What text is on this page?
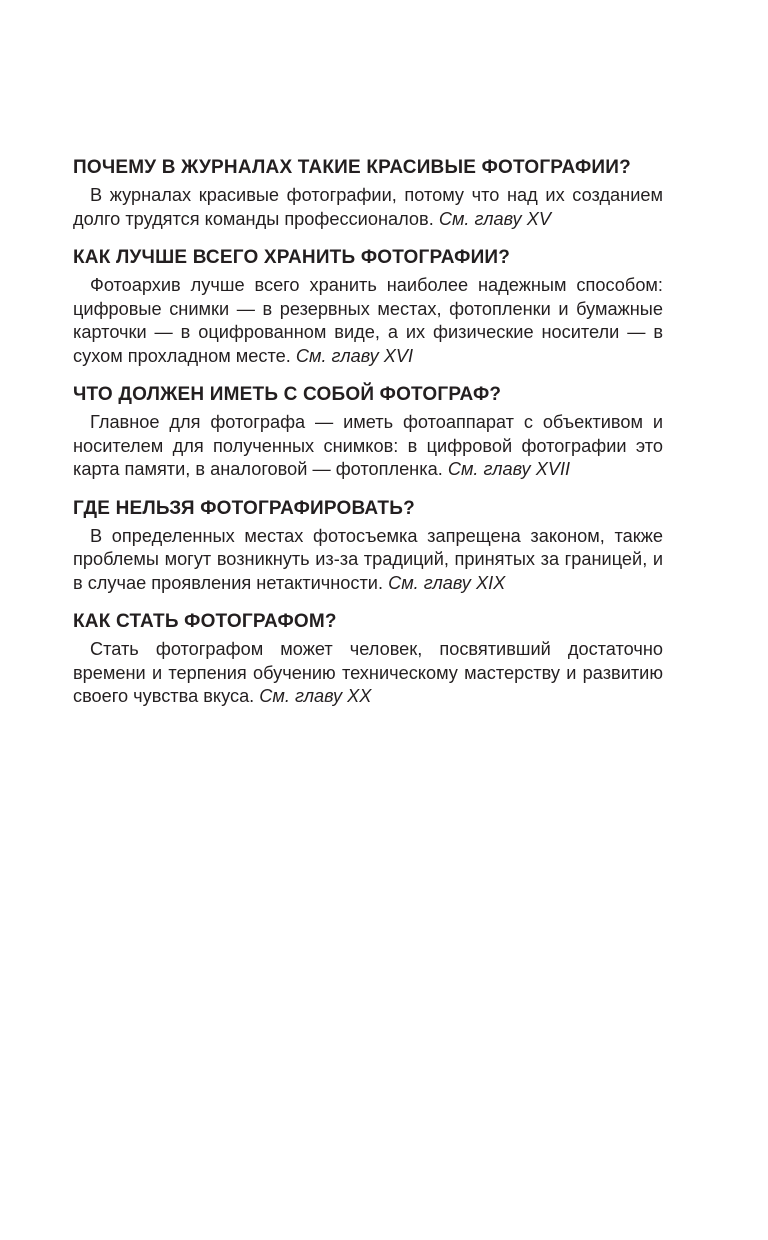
ПОЧЕМУ В ЖУРНАЛАХ ТАКИЕ КРАСИВЫЕ ФОТОГРАФИИ?

В журналах красивые фотографии, потому что над их созданием долго трудятся команды профессионалов. См. главу XV

КАК ЛУЧШЕ ВСЕГО ХРАНИТЬ ФОТОГРАФИИ?

Фотоархив лучше всего хранить наиболее надежным способом: цифровые снимки — в резервных местах, фотопленки и бумажные карточки — в оцифрованном виде, а их физические носители — в сухом прохладном месте. См. главу XVI

ЧТО ДОЛЖЕН ИМЕТЬ С СОБОЙ ФОТОГРАФ?

Главное для фотографа — иметь фотоаппарат с объективом и носителем для полученных снимков: в цифровой фотографии это карта памяти, в аналоговой — фотопленка. См. главу XVII

ГДЕ НЕЛЬЗЯ ФОТОГРАФИРОВАТЬ?

В определенных местах фотосъемка запрещена законом, также проблемы могут возникнуть из-за традиций, принятых за границей, и в случае проявления нетактичности. См. главу XIX

КАК СТАТЬ ФОТОГРАФОМ?

Стать фотографом может человек, посвятивший достаточно времени и терпения обучению техническому мастерству и развитию своего чувства вкуса. См. главу XX
